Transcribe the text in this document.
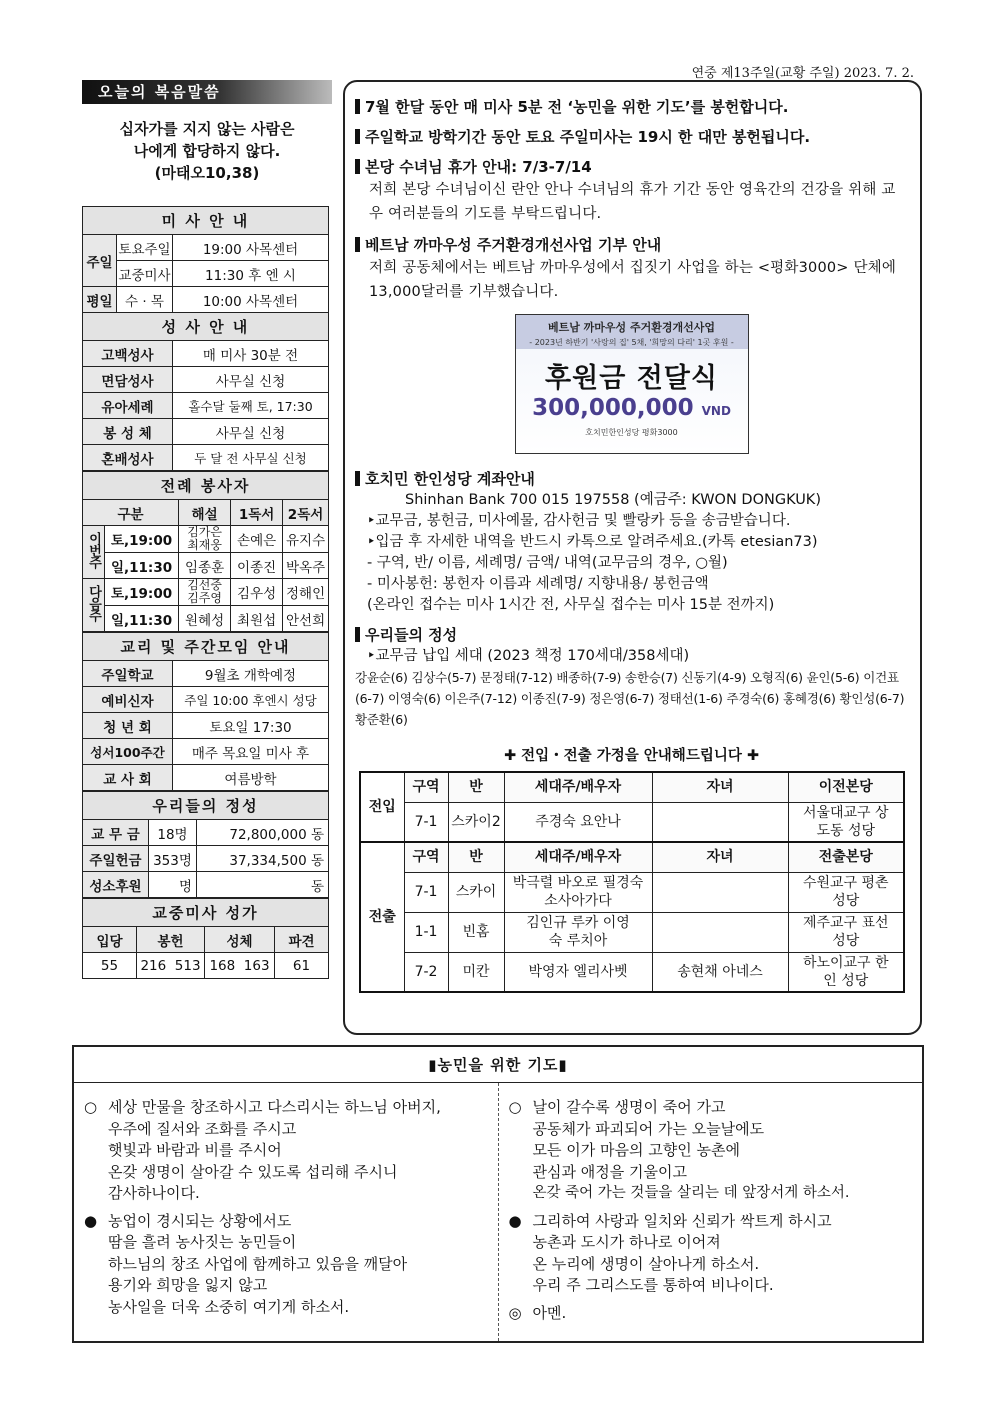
연중 제13주일(교황 주일) 2023. 7. 2.
오늘의 복음말씀
십자가를 지지 않는 사람은
나에게 합당하지 않다.
(마태오10,38)
미 사 안 내		
주일	토요주일	19:00 사목센터
	교중미사	11:30 후 엔 시
평일	수 · 목	10:00 사목센터
성 사 안 내		
고백성사		매 미사 30분 전
면담성사		사무실 신청
유아세례		홀수달 둘째 토, 17:30
봉 성 체		사무실 신청
혼배성사		두 달 전 사무실 신청
전례 봉사자				
구분		해설	1독서	2독서
이번주	토,19:00	김가은 최재웅	손예은	유지수
	일,11:30	임종훈	이종진	박옥주
다음주	토,19:00	김선중 김주영	김우성	정해인
	일,11:30	원혜성	최원섭	안선희
교리 및 주간모임 안내	
주일학교	9월초 개학예정
예비신자	주일 10:00 후엔시 성당
청 년 회	토요일 17:30
성서100주간	매주 목요일 미사 후
교 사 회	여름방학
우리들의 정성		
교 무 금	18명	72,800,000 동
주일헌금	353명	37,334,500 동
성소후원	명	동
교중미사 성가			
입당	봉헌	성체	파견
55	216  513	168  163	61
7월 한달 동안 매 미사 5분 전 ‘농민을 위한 기도’를 봉헌합니다.
주일학교 방학기간 동안 토요 주일미사는 19시 한 대만 봉헌됩니다.
본당 수녀님 휴가 안내: 7/3-7/14
저희 본당 수녀님이신 란안 안나 수녀님의 휴가 기간 동안 영육간의 건강을 위해 교우 여러분들의 기도를 부탁드립니다.
베트남 까마우성 주거환경개선사업 기부 안내
저희 공동체에서는 베트남 까마우성에서 집짓기 사업을 하는 <평화3000> 단체에 13,000달러를 기부했습니다.
베트남 까마우성 주거환경개선사업
- 2023년 하반기 '사랑의 집' 5채, '희망의 다리' 1곳 후원 -
후원금 전달식
300,000,000 VND
호치민한인성당 평화3000
호치민 한인성당 계좌안내
Shinhan Bank 700 015 197558 (예금주: KWON DONGKUK)
‣교무금, 봉헌금, 미사예물, 감사헌금 및 빨랑카 등을 송금받습니다.
‣입금 후 자세한 내역을 반드시 카톡으로 알려주세요.(카톡 etesian73)
- 구역, 반/ 이름, 세례명/ 금액/ 내역(교무금의 경우, ○월)
- 미사봉헌: 봉헌자 이름과 세례명/ 지향내용/ 봉헌금액
(온라인 접수는 미사 1시간 전, 사무실 접수는 미사 15분 전까지)
우리들의 정성
‣교무금 납입 세대 (2023 책정 170세대/358세대)
강윤순(6) 김상수(5-7) 문정태(7-12) 배종하(7-9) 송한승(7) 신동기(4-9) 오형직(6) 윤인(5-6) 이건표(6-7) 이영숙(6) 이은주(7-12) 이종진(7-9) 정은영(6-7) 정태선(1-6) 주경숙(6) 홍혜경(6) 황인성(6-7) 황준환(6)
✚ 전입・전출 가정을 안내해드립니다 ✚
전입	구역	반	세대주/배우자	자녀	이전본당
	7-1	스카이2	주경숙 요안나		서울대교구 상도동 성당
전출	구역	반	세대주/배우자	자녀	전출본당
	7-1	스카이	박극렬 바오로 필경숙 소사아가다		수원교구 평촌 성당
	1-1	빈홈	김인규 루카 이영숙 루치아		제주교구 표선 성당
	7-2	미칸	박영자 엘리사벳	송현채 아네스	하노이교구 한인 성당
▮농민을 위한 기도▮
○ 세상 만물을 창조하시고 다스리시는 하느님 아버지,
우주에 질서와 조화를 주시고
햇빛과 바람과 비를 주시어
온갖 생명이 살아갈 수 있도록 섭리해 주시니
감사하나이다.
● 농업이 경시되는 상황에서도
땀을 흘려 농사짓는 농민들이
하느님의 창조 사업에 함께하고 있음을 깨달아
용기와 희망을 잃지 않고
농사일을 더욱 소중히 여기게 하소서.
○ 날이 갈수록 생명이 죽어 가고
공동체가 파괴되어 가는 오늘날에도
모든 이가 마음의 고향인 농촌에
관심과 애정을 기울이고
온갖 죽어 가는 것들을 살리는 데 앞장서게 하소서.
● 그리하여 사랑과 일치와 신뢰가 싹트게 하시고
농촌과 도시가 하나로 이어져
온 누리에 생명이 살아나게 하소서.
우리 주 그리스도를 통하여 비나이다.
◎ 아멘.
